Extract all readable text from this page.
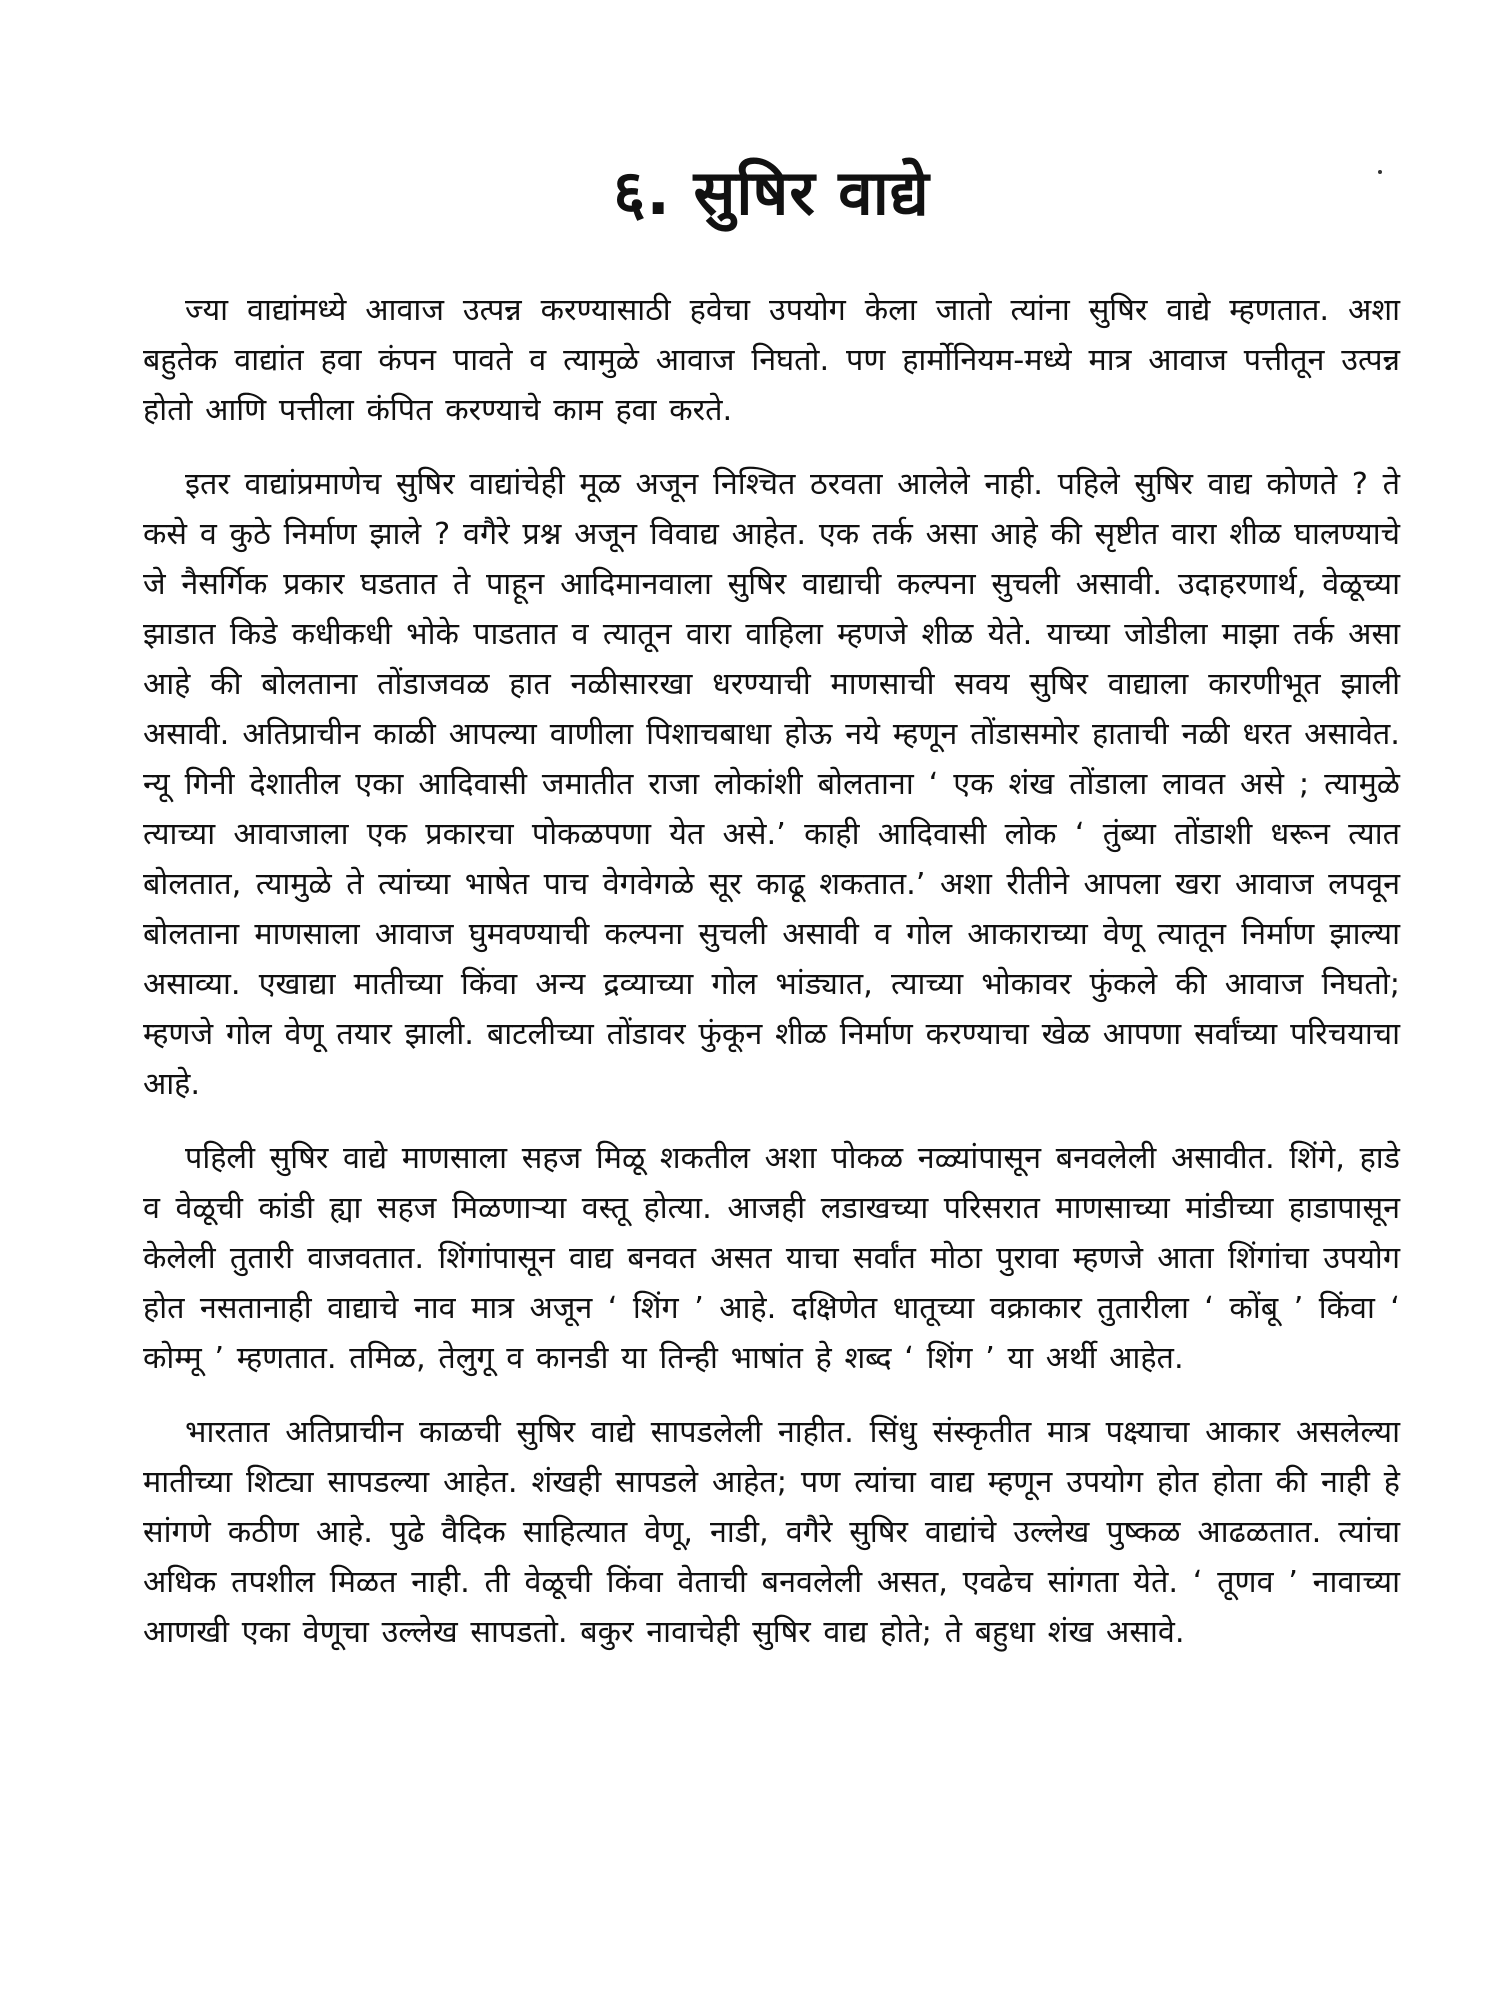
६. सुषिर वाद्ये

ज्या वाद्यांमध्ये आवाज उत्पन्न करण्यासाठी हवेचा उपयोग केला जातो त्यांना सुषिर वाद्ये म्हणतात. अशा बहुतेक वाद्यांत हवा कंपन पावते व त्यामुळे आवाज निघतो. पण हार्मोनियम-मध्ये मात्र आवाज पत्तीतून उत्पन्न होतो आणि पत्तीला कंपित करण्याचे काम हवा करते.

इतर वाद्यांप्रमाणेच सुषिर वाद्यांचेही मूळ अजून निश्चित ठरवता आलेले नाही. पहिले सुषिर वाद्य कोणते ? ते कसे व कुठे निर्माण झाले ? वगैरे प्रश्न अजून विवाद्य आहेत. एक तर्क असा आहे की सृष्टीत वारा शीळ घालण्याचे जे नैसर्गिक प्रकार घडतात ते पाहून आदिमानवाला सुषिर वाद्याची कल्पना सुचली असावी. उदाहरणार्थ, वेळूच्या झाडात किडे कधीकधी भोके पाडतात व त्यातून वारा वाहिला म्हणजे शीळ येते. याच्या जोडीला माझा तर्क असा आहे की बोलताना तोंडाजवळ हात नळीसारखा धरण्याची माणसाची सवय सुषिर वाद्याला कारणीभूत झाली असावी. अतिप्राचीन काळी आपल्या वाणीला पिशाचबाधा होऊ नये म्हणून तोंडासमोर हाताची नळी धरत असावेत. न्यू गिनी देशातील एका आदिवासी जमातीत राजा लोकांशी बोलताना ‘ एक शंख तोंडाला लावत असे ; त्यामुळे त्याच्या आवाजाला एक प्रकारचा पोकळपणा येत असे.’ काही आदिवासी लोक ‘ तुंब्या तोंडाशी धरून त्यात बोलतात, त्यामुळे ते त्यांच्या भाषेत पाच वेगवेगळे सूर काढू शकतात.’ अशा रीतीने आपला खरा आवाज लपवून बोलताना माणसाला आवाज घुमवण्याची कल्पना सुचली असावी व गोल आकाराच्या वेणू त्यातून निर्माण झाल्या असाव्या. एखाद्या मातीच्या किंवा अन्य द्रव्याच्या गोल भांड्यात, त्याच्या भोकावर फुंकले की आवाज निघतो; म्हणजे गोल वेणू तयार झाली. बाटलीच्या तोंडावर फुंकून शीळ निर्माण करण्याचा खेळ आपणा सर्वांच्या परिचयाचा आहे.

पहिली सुषिर वाद्ये माणसाला सहज मिळू शकतील अशा पोकळ नळ्यांपासून बनवलेली असावीत. शिंगे, हाडे व वेळूची कांडी ह्या सहज मिळणाऱ्या वस्तू होत्या. आजही लडाखच्या परिसरात माणसाच्या मांडीच्या हाडापासून केलेली तुतारी वाजवतात. शिंगांपासून वाद्य बनवत असत याचा सर्वांत मोठा पुरावा म्हणजे आता शिंगांचा उपयोग होत नसतानाही वाद्याचे नाव मात्र अजून ‘ शिंग ’ आहे. दक्षिणेत धातूच्या वक्राकार तुतारीला ‘ कोंबू ’ किंवा ‘ कोम्मू ’ म्हणतात. तमिळ, तेलुगू व कानडी या तिन्ही भाषांत हे शब्द ‘ शिंग ’ या अर्थी आहेत.

भारतात अतिप्राचीन काळची सुषिर वाद्ये सापडलेली नाहीत. सिंधु संस्कृतीत मात्र पक्ष्याचा आकार असलेल्या मातीच्या शिट्या सापडल्या आहेत. शंखही सापडले आहेत; पण त्यांचा वाद्य म्हणून उपयोग होत होता की नाही हे सांगणे कठीण आहे. पुढे वैदिक साहित्यात वेणू, नाडी, वगैरे सुषिर वाद्यांचे उल्लेख पुष्कळ आढळतात. त्यांचा अधिक तपशील मिळत नाही. ती वेळूची किंवा वेताची बनवलेली असत, एवढेच सांगता येते. ‘ तूणव ’ नावाच्या आणखी एका वेणूचा उल्लेख सापडतो. बकुर नावाचेही सुषिर वाद्य होते; ते बहुधा शंख असावे.
